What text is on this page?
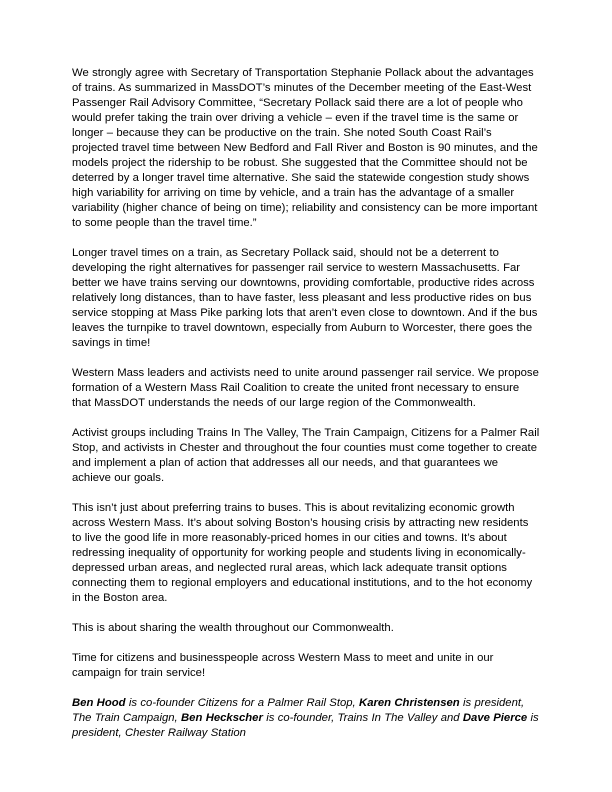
We strongly agree with Secretary of Transportation Stephanie Pollack about the advantages of trains. As summarized in MassDOT’s minutes of the December meeting of the East-West Passenger Rail Advisory Committee, “Secretary Pollack said there are a lot of people who would prefer taking the train over driving a vehicle – even if the travel time is the same or longer – because they can be productive on the train. She noted South Coast Rail’s projected travel time between New Bedford and Fall River and Boston is 90 minutes, and the models project the ridership to be robust. She suggested that the Committee should not be deterred by a longer travel time alternative. She said the statewide congestion study shows high variability for arriving on time by vehicle, and a train has the advantage of a smaller variability (higher chance of being on time); reliability and consistency can be more important to some people than the travel time.”

Longer travel times on a train, as Secretary Pollack said, should not be a deterrent to developing the right alternatives for passenger rail service to western Massachusetts. Far better we have trains serving our downtowns, providing comfortable, productive rides across relatively long distances, than to have faster, less pleasant and less productive rides on bus service stopping at Mass Pike parking lots that aren’t even close to downtown. And if the bus leaves the turnpike to travel downtown, especially from Auburn to Worcester, there goes the savings in time!

Western Mass leaders and activists need to unite around passenger rail service. We propose formation of a Western Mass Rail Coalition to create the united front necessary to ensure that MassDOT understands the needs of our large region of the Commonwealth.

Activist groups including Trains In The Valley, The Train Campaign, Citizens for a Palmer Rail Stop, and activists in Chester and throughout the four counties must come together to create and implement a plan of action that addresses all our needs, and that guarantees we achieve our goals.

This isn’t just about preferring trains to buses. This is about revitalizing economic growth across Western Mass. It’s about solving Boston’s housing crisis by attracting new residents to live the good life in more reasonably-priced homes in our cities and towns. It’s about redressing inequality of opportunity for working people and students living in economically-depressed urban areas, and neglected rural areas, which lack adequate transit options connecting them to regional employers and educational institutions, and to the hot economy in the Boston area.

This is about sharing the wealth throughout our Commonwealth.

Time for citizens and businesspeople across Western Mass to meet and unite in our campaign for train service!

Ben Hood is co-founder Citizens for a Palmer Rail Stop, Karen Christensen is president, The Train Campaign, Ben Heckscher is co-founder, Trains In The Valley and Dave Pierce is president, Chester Railway Station
